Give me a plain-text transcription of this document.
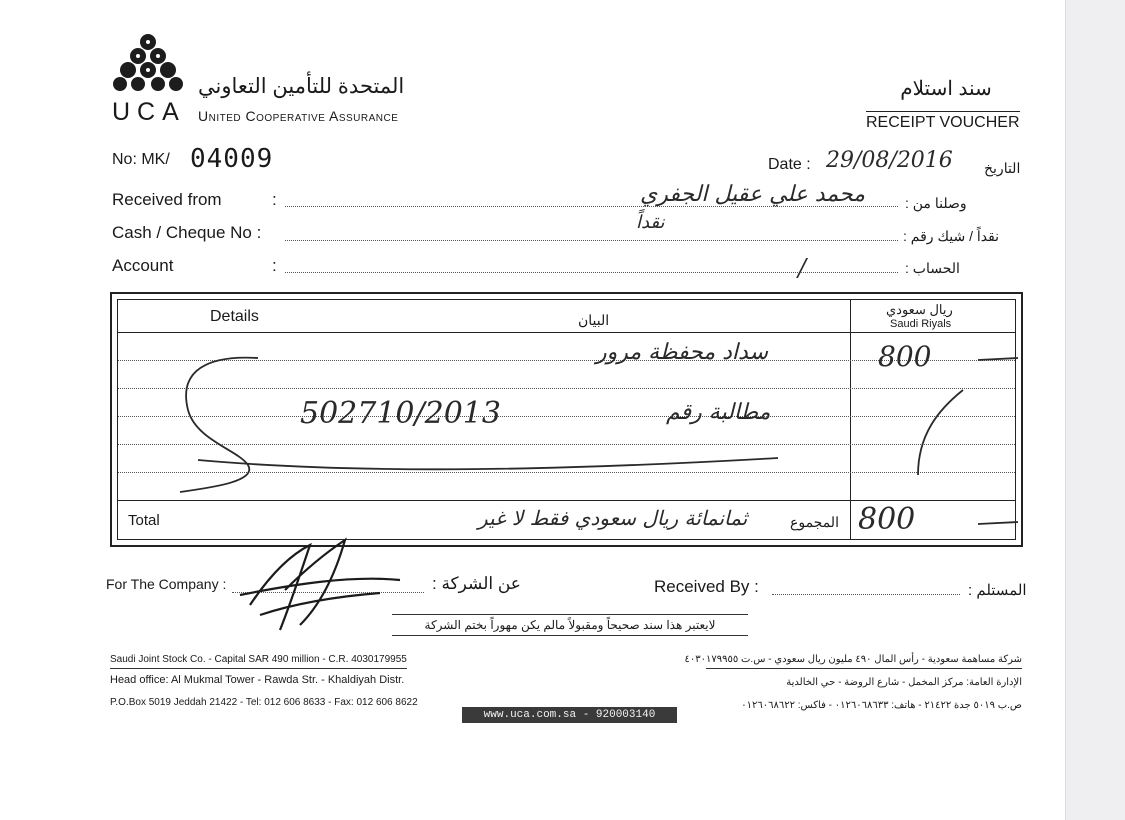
UCA
المتحدة للتأمين التعاوني
United Cooperative Assurance
سند استلام
RECEIPT VOUCHER
No: MK/ 04009	Date : 29/08/2016 التاريخ
Received from	:	محمد علي عقيل الجفري	وصلنا من :
Cash / Cheque No :	نقداً
نقداً / شيك رقم :
Account	:	/	الحساب :
Details	البيان
ريال سعودي
Saudi Riyals
سداد محفظة مرور	800
502710/2013	مطالبة رقم
Total	ثمانمائة ريال سعودي فقط لا غير	المجموع 800
For The Company :	عن الشركة :	Received By :	المستلم :
لايعتبر هذا سند صحيحاً ومقبولاً مالم يكن مهوراً بختم الشركة
Saudi Joint Stock Co. - Capital SAR 490 million - C.R. 4030179955
Head office: Al Mukmal Tower - Rawda Str. - Khaldiyah Distr.
P.O.Box 5019 Jeddah 21422 - Tel: 012 606 8633 - Fax: 012 606 8622
شركة مساهمة سعودية - رأس المال ٤٩٠ مليون ريال سعودي - س.ت ٤٠٣٠١٧٩٩٥٥
الإدارة العامة: مركز المخمل - شارع الروضة - حي الخالدية
ص.ب ٥٠١٩ جدة ٢١٤٢٢ - هاتف: ٠١٢٦٠٦٨٦٣٣ - فاكس: ٠١٢٦٠٦٨٦٢٢
www.uca.com.sa - 920003140
